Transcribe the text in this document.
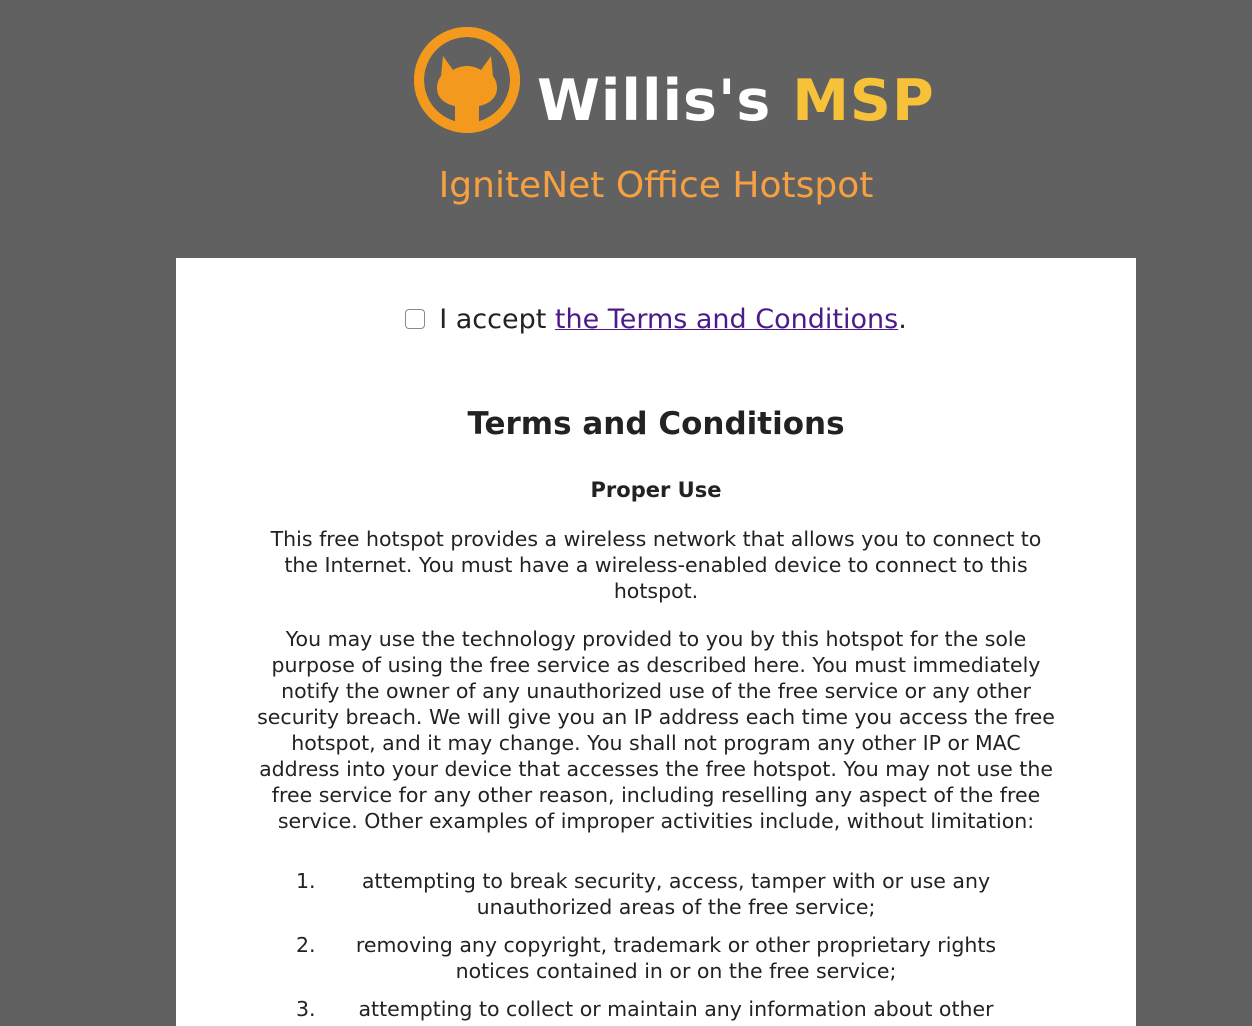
Willis's MSP
IgniteNet Office Hotspot
I accept the Terms and Conditions.
Terms and Conditions
Proper Use

This free hotspot provides a wireless network that allows you to connect to the Internet. You must have a wireless-enabled device to connect to this hotspot.

You may use the technology provided to you by this hotspot for the sole purpose of using the free service as described here. You must immediately notify the owner of any unauthorized use of the free service or any other security breach. We will give you an IP address each time you access the free hotspot, and it may change. You shall not program any other IP or MAC address into your device that accesses the free hotspot. You may not use the free service for any other reason, including reselling any aspect of the free service. Other examples of improper activities include, without limitation:

1. attempting to break security, access, tamper with or use any unauthorized areas of the free service;
2. removing any copyright, trademark or other proprietary rights notices contained in or on the free service;
3. attempting to collect or maintain any information about other
